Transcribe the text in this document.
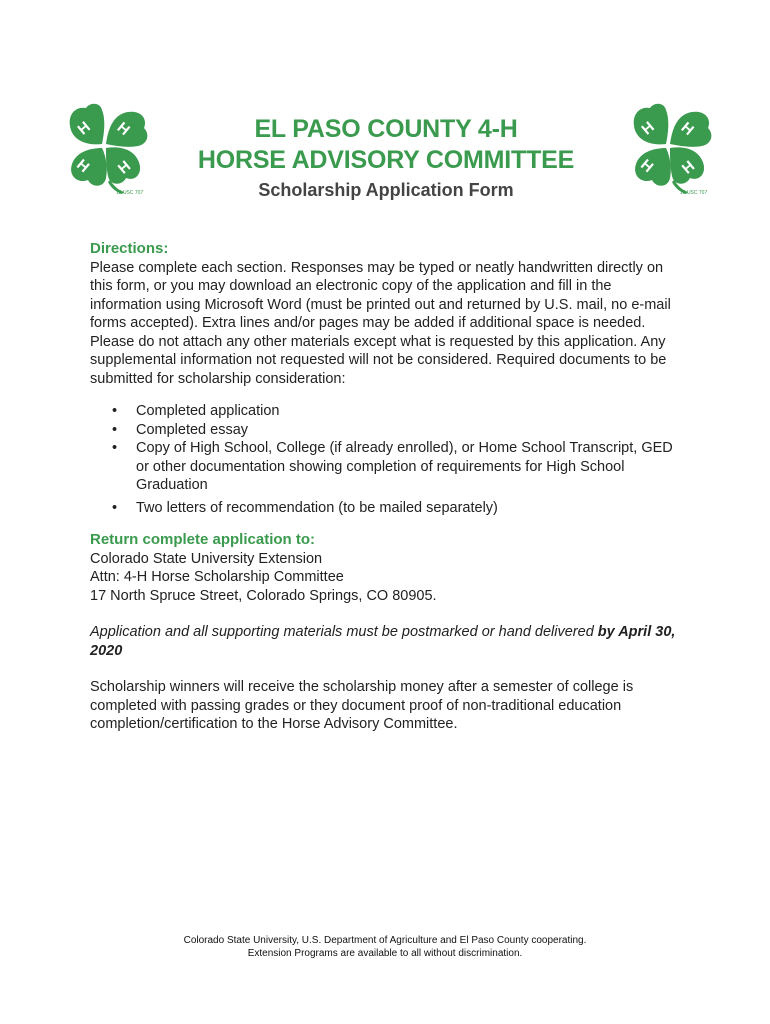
H H
H H
18 USC 707
H H
H H
18 USC 707
EL PASO COUNTY 4-H
HORSE ADVISORY COMMITTEE
Scholarship Application Form
Directions:
Please complete each section. Responses may be typed or neatly handwritten directly on this form, or you may download an electronic copy of the application and fill in the information using Microsoft Word (must be printed out and returned by U.S. mail, no e-mail forms accepted). Extra lines and/or pages may be added if additional space is needed. Please do not attach any other materials except what is requested by this application. Any supplemental information not requested will not be considered. Required documents to be submitted for scholarship consideration:
• Completed application
• Completed essay
• Copy of High School, College (if already enrolled), or Home School Transcript, GED or other documentation showing completion of requirements for High School Graduation
• Two letters of recommendation (to be mailed separately)
Return complete application to:
Colorado State University Extension
Attn: 4-H Horse Scholarship Committee
17 North Spruce Street, Colorado Springs, CO 80905.
Application and all supporting materials must be postmarked or hand delivered by April 30, 2020
Scholarship winners will receive the scholarship money after a semester of college is completed with passing grades or they document proof of non-traditional education completion/certification to the Horse Advisory Committee.
Colorado State University, U.S. Department of Agriculture and El Paso County cooperating.
Extension Programs are available to all without discrimination.
